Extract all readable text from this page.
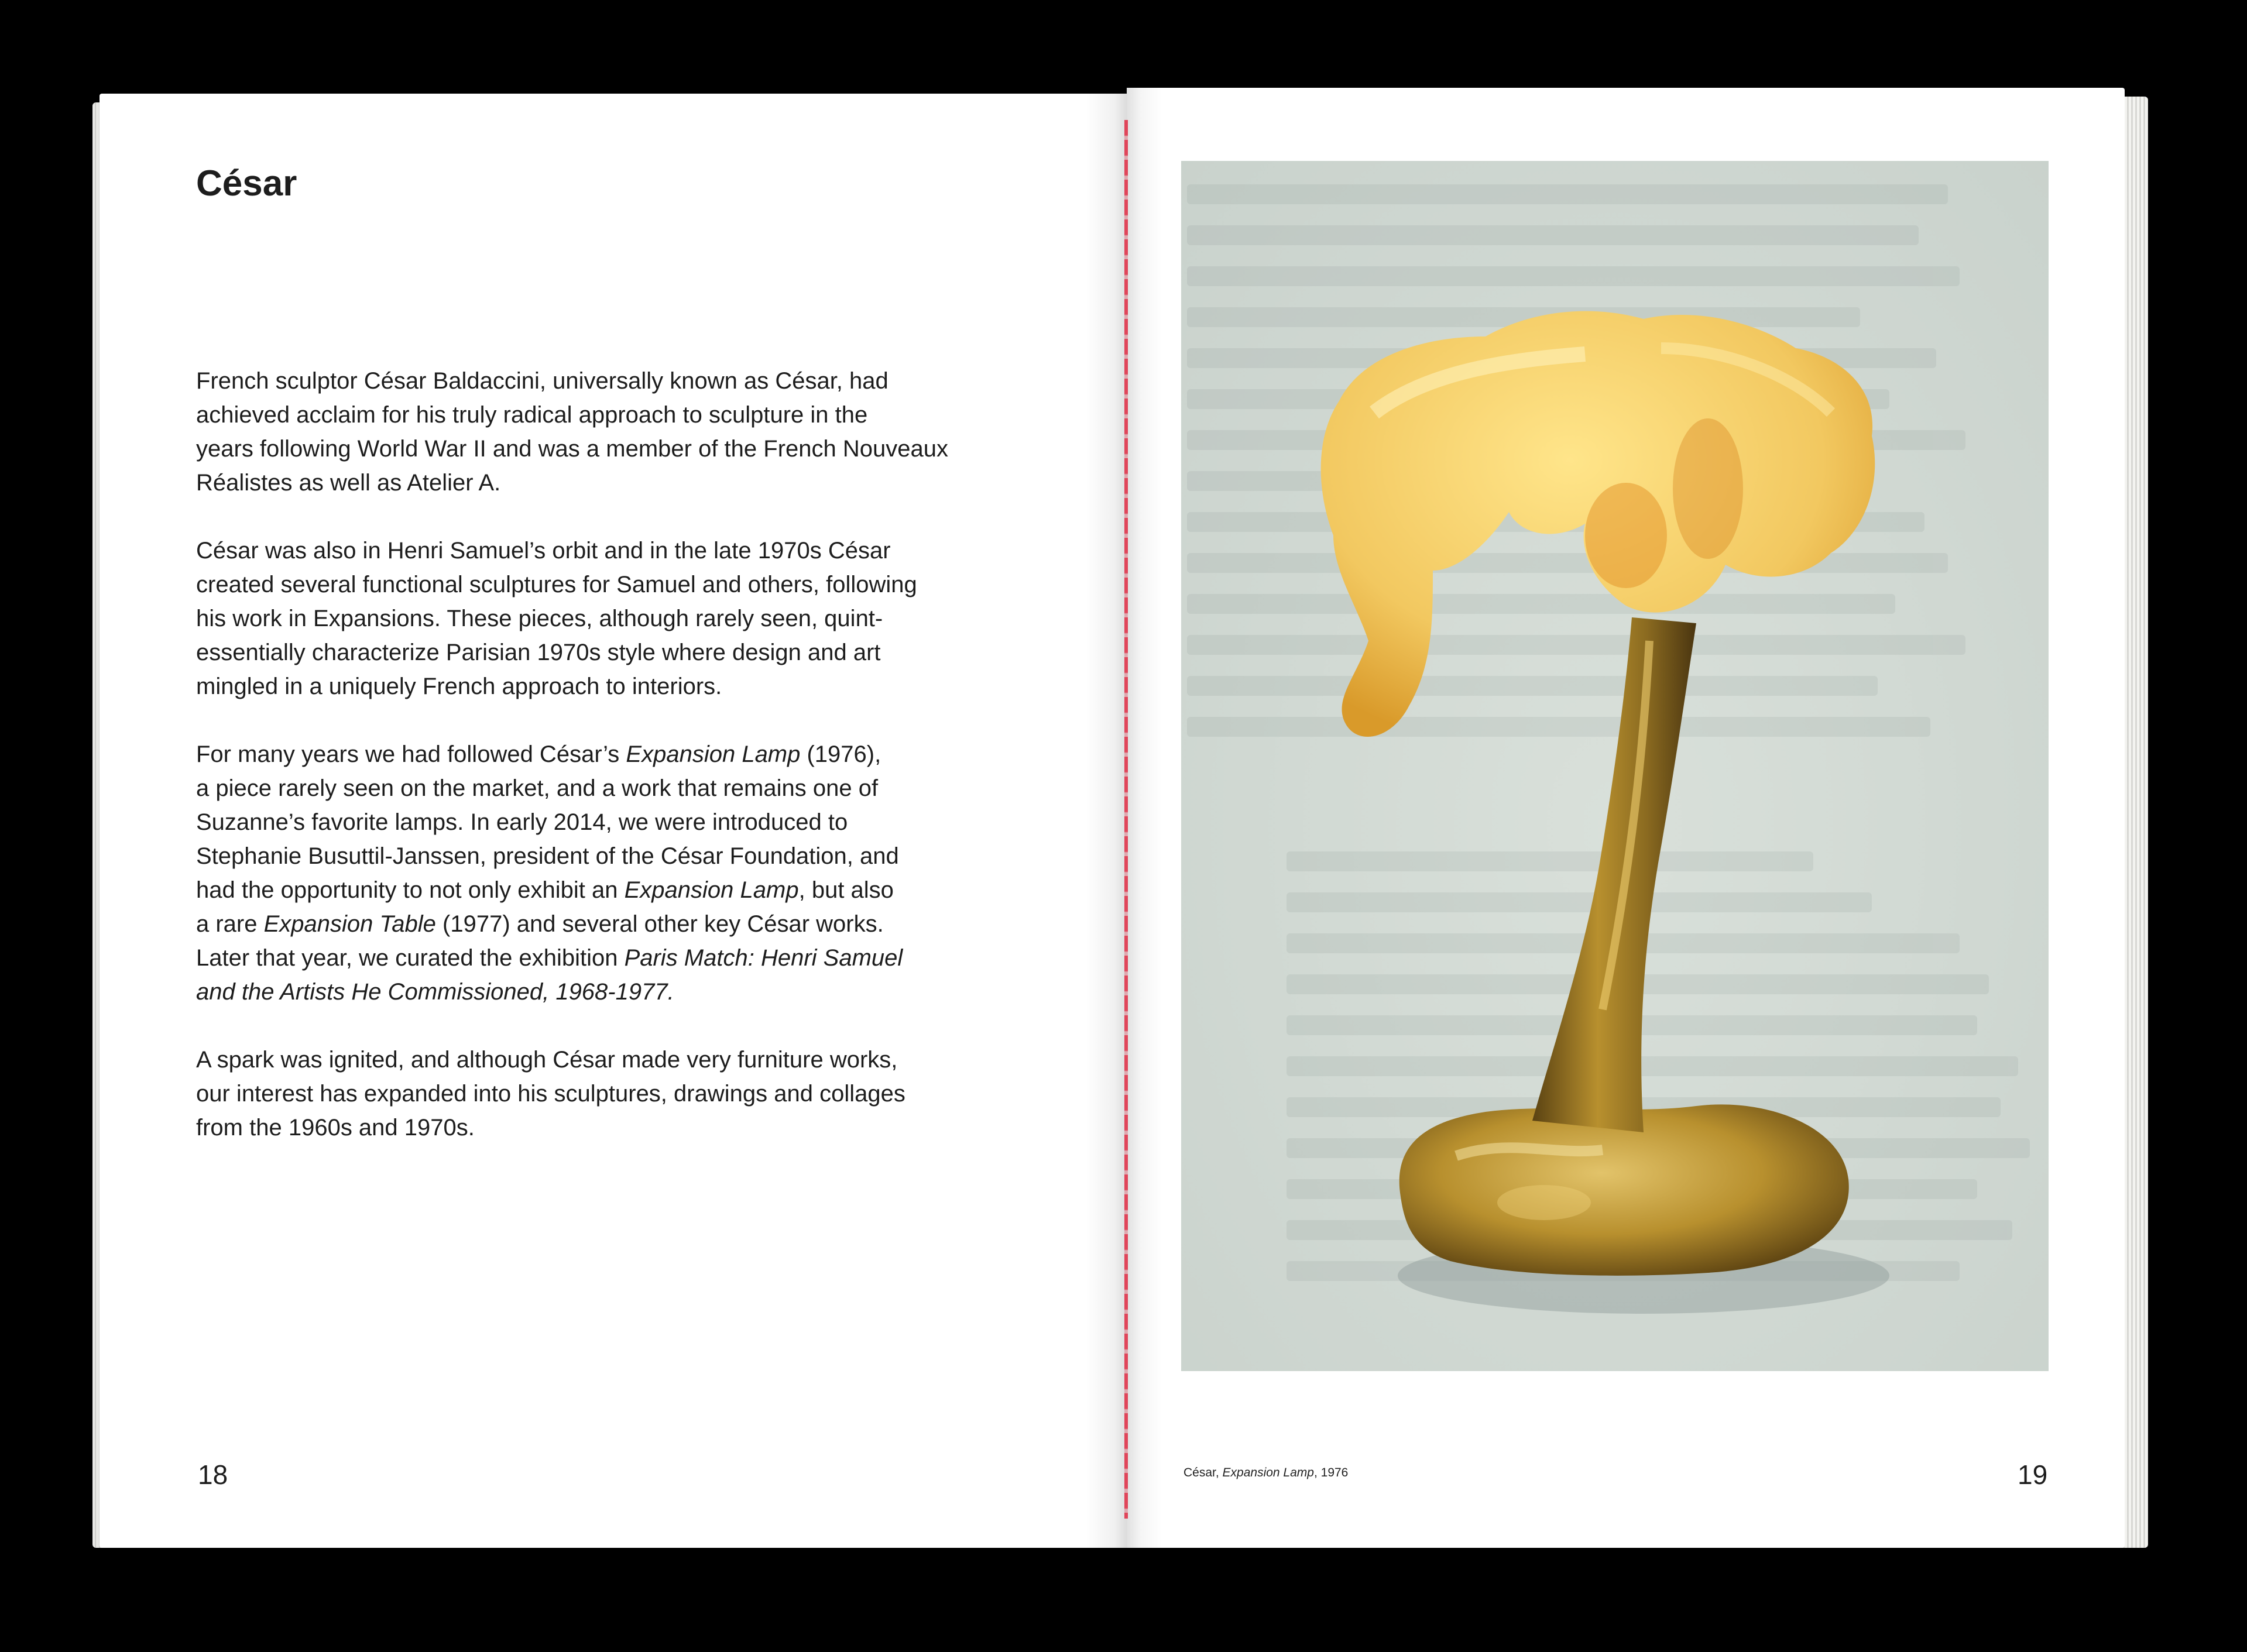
César

French sculptor César Baldaccini, universally known as César, had
achieved acclaim for his truly radical approach to sculpture in the
years following World War II and was a member of the French Nouveaux
Réalistes as well as Atelier A.

César was also in Henri Samuel’s orbit and in the late 1970s César
created several functional sculptures for Samuel and others, following
his work in Expansions. These pieces, although rarely seen, quint-
essentially characterize Parisian 1970s style where design and art
mingled in a uniquely French approach to interiors.

For many years we had followed César’s Expansion Lamp (1976),
a piece rarely seen on the market, and a work that remains one of
Suzanne’s favorite lamps. In early 2014, we were introduced to
Stephanie Busuttil-Janssen, president of the César Foundation, and
had the opportunity to not only exhibit an Expansion Lamp, but also
a rare Expansion Table (1977) and several other key César works.
Later that year, we curated the exhibition Paris Match: Henri Samuel
and the Artists He Commissioned, 1968-1977.

A spark was ignited, and although César made very furniture works,
our interest has expanded into his sculptures, drawings and collages
from the 1960s and 1970s.

18	César, Expansion Lamp, 1976	19
